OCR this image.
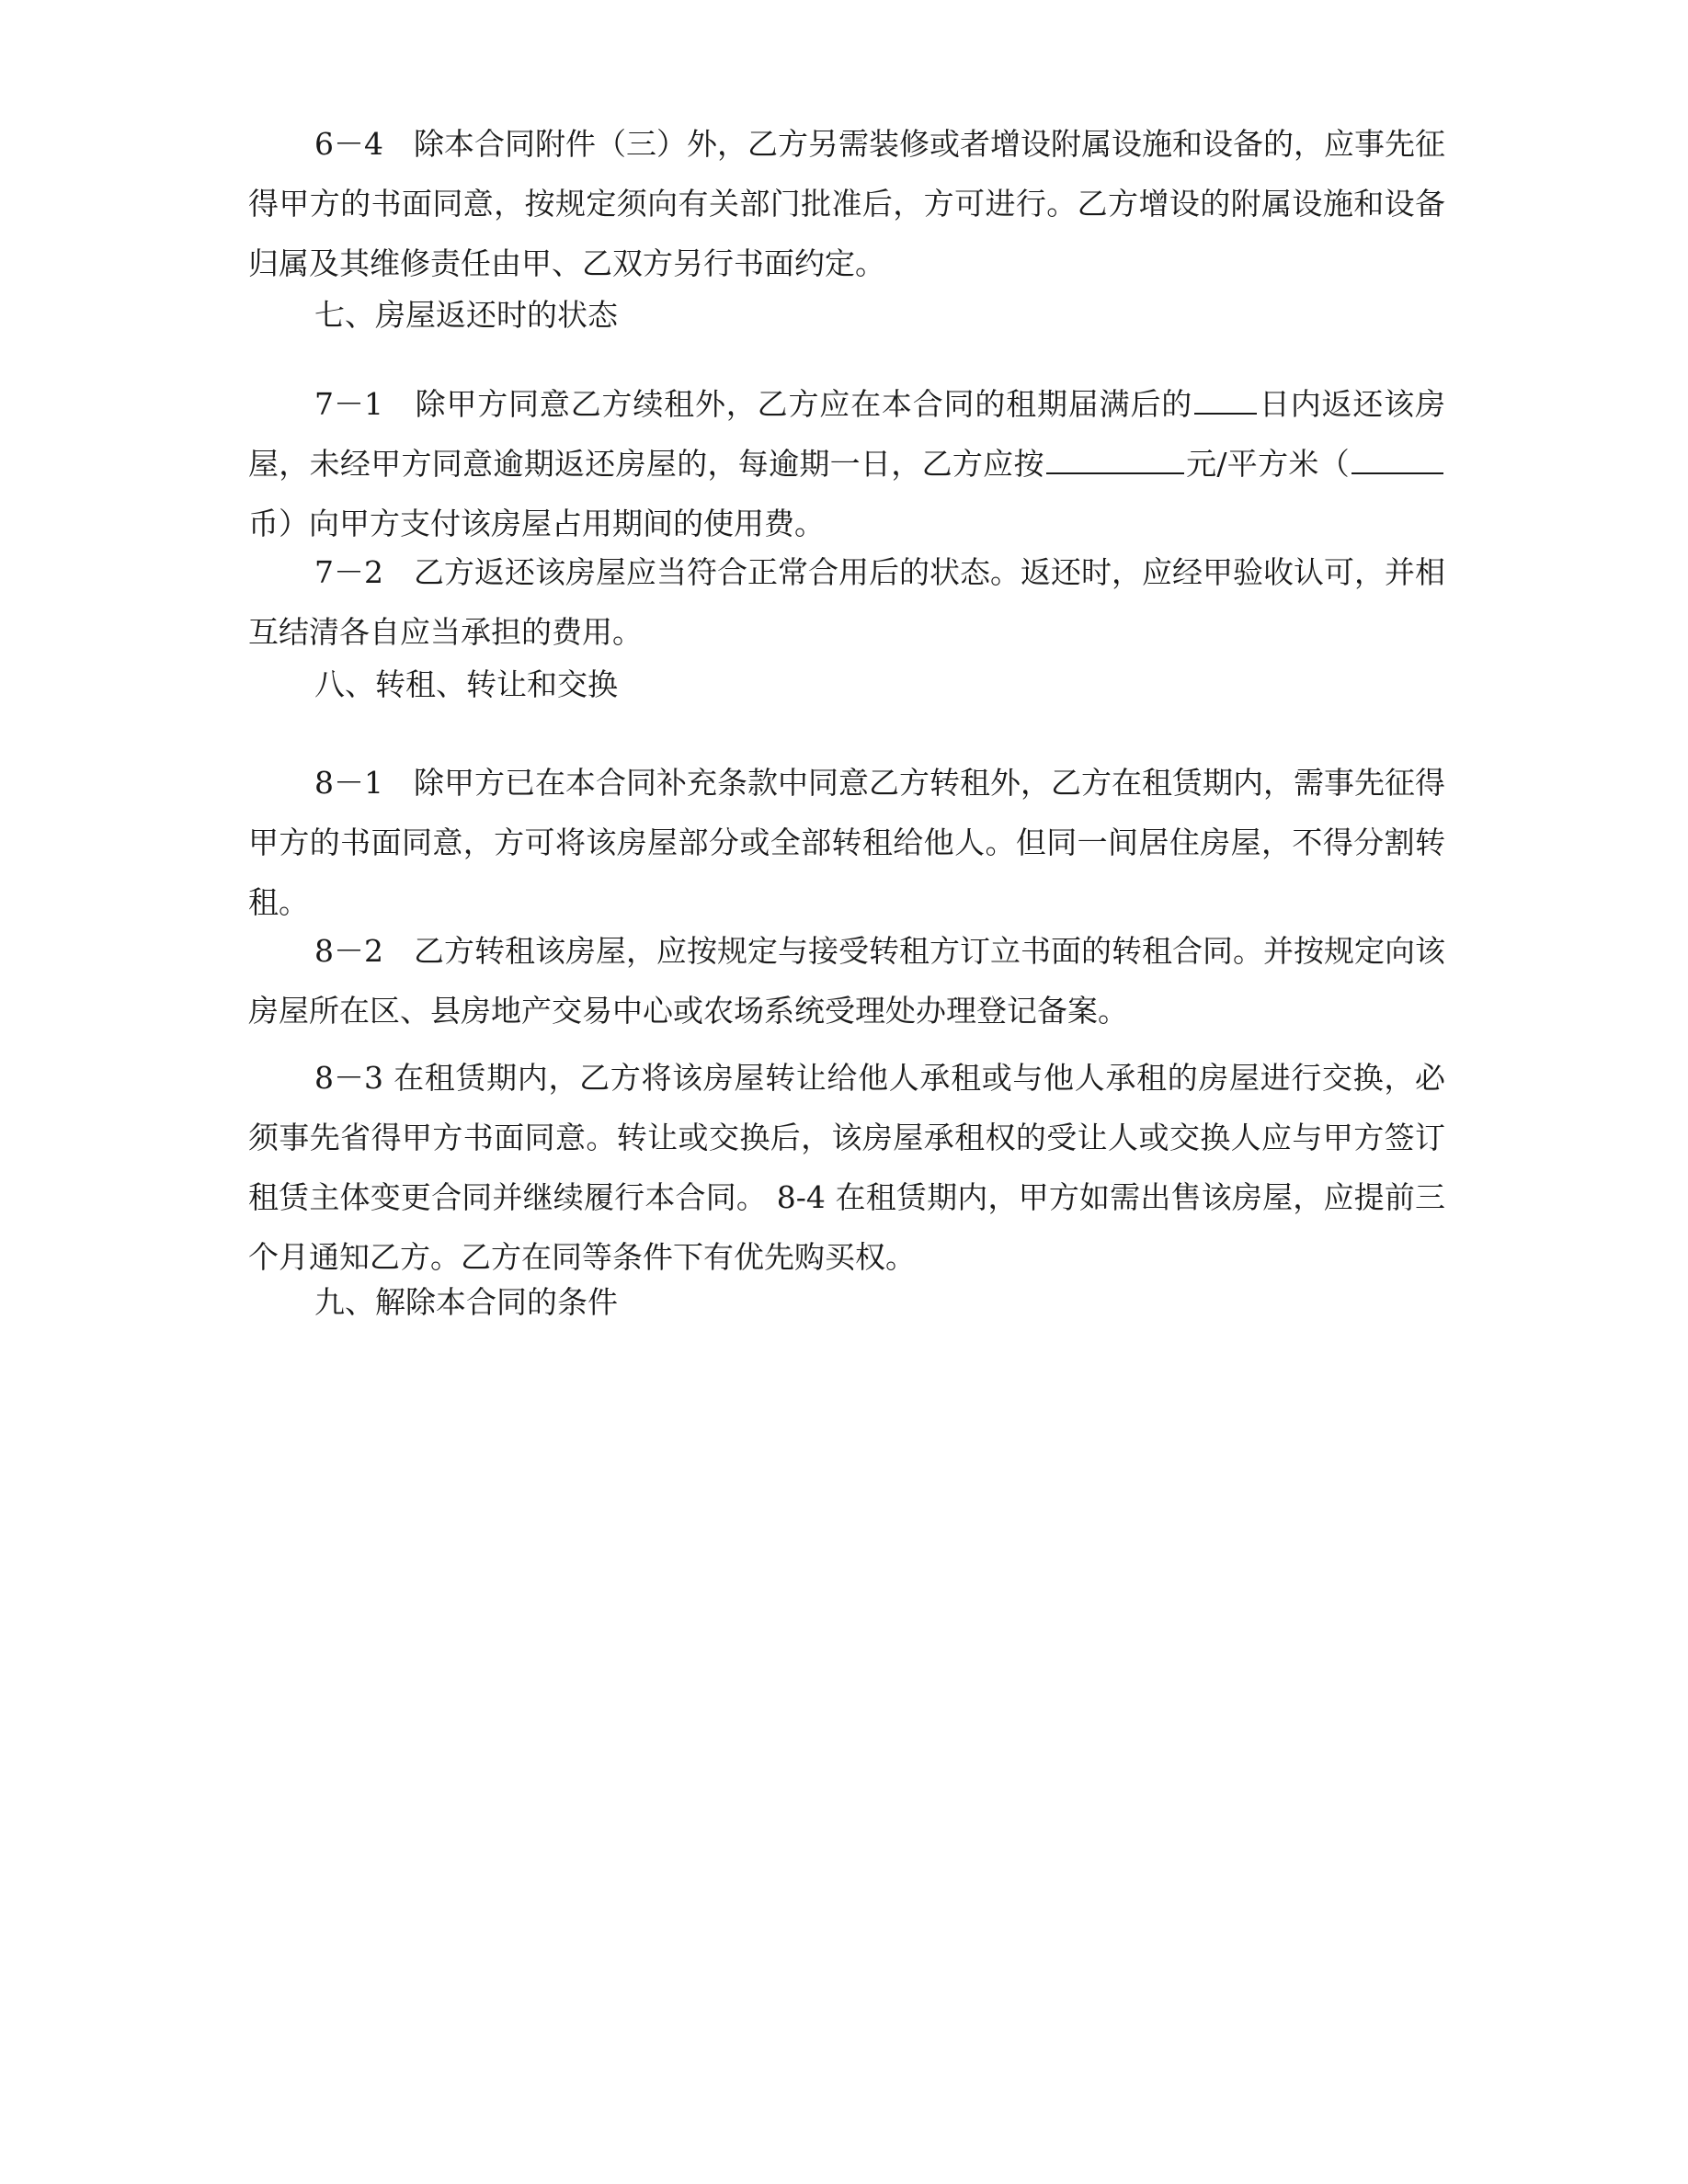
6－4　除本合同附件（三）外，乙方另需装修或者增设附属设施和设备的，应事先征得甲方的书面同意，按规定须向有关部门批准后，方可进行。乙方增设的附属设施和设备归属及其维修责任由甲、乙双方另行书面约定。

七、房屋返还时的状态

7－1　除甲方同意乙方续租外，乙方应在本合同的租期届满后的 日内返还该房屋，未经甲方同意逾期返还房屋的，每逾期一日，乙方应按	元/平方米（币）向甲方支付该房屋占用期间的使用费。

7－2　乙方返还该房屋应当符合正常合用后的状态。返还时，应经甲验收认可，并相互结清各自应当承担的费用。

八、转租、转让和交换

8－1　除甲方已在本合同补充条款中同意乙方转租外，乙方在租赁期内，需事先征得甲方的书面同意，方可将该房屋部分或全部转租给他人。但同一间居住房屋，不得分割转租。

8－2　乙方转租该房屋，应按规定与接受转租方订立书面的转租合同。并按规定向该房屋所在区、县房地产交易中心或农场系统受理处办理登记备案。

8－3 在租赁期内，乙方将该房屋转让给他人承租或与他人承租的房屋进行交换，必须事先省得甲方书面同意。转让或交换后，该房屋承租权的受让人或交换人应与甲方签订租赁主体变更合同并继续履行本合同。 8-4 在租赁期内，甲方如需出售该房屋，应提前三个月通知乙方。乙方在同等条件下有优先购买权。

九、解除本合同的条件
